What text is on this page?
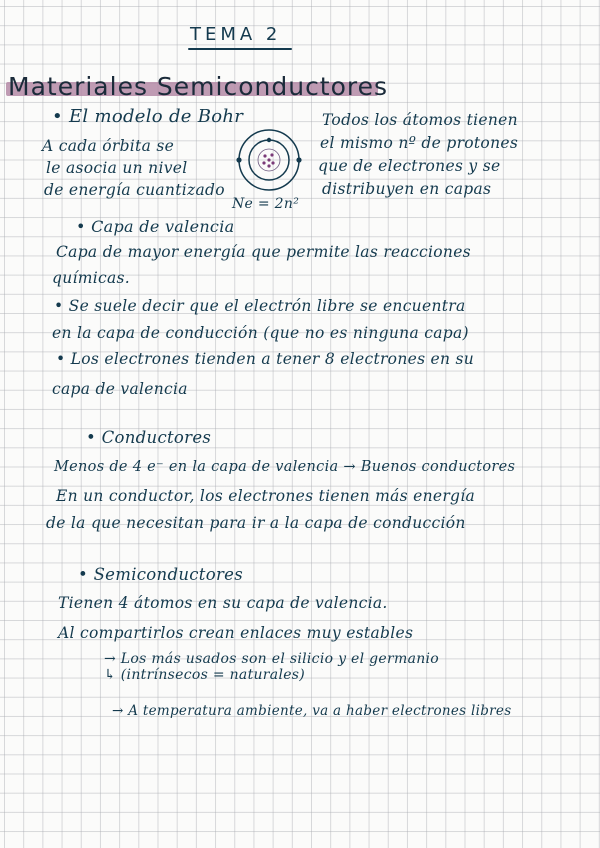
TEMA 2
Materiales Semiconductores
• El modelo de Bohr
A cada órbita se
le asocia un nivel
de energía cuantizado
Ne = 2n²
Todos los átomos tienen
el mismo nº de protones
que de electrones y se
distribuyen en capas
• Capa de valencia
Capa de mayor energía que permite las reacciones
químicas.
• Se suele decir que el electrón libre se encuentra
en la capa de conducción (que no es ninguna capa)
• Los electrones tienden a tener 8 electrones en su
capa de valencia
• Conductores
Menos de 4 e⁻ en la capa de valencia → Buenos conductores
En un conductor, los electrones tienen más energía
de la que necesitan para ir a la capa de conducción
• Semiconductores
Tienen 4 átomos en su capa de valencia.
Al compartirlos crean enlaces muy estables
→ Los más usados son el silicio y el germanio
↳ (intrínsecos = naturales)
→ A temperatura ambiente, va a haber electrones libres
